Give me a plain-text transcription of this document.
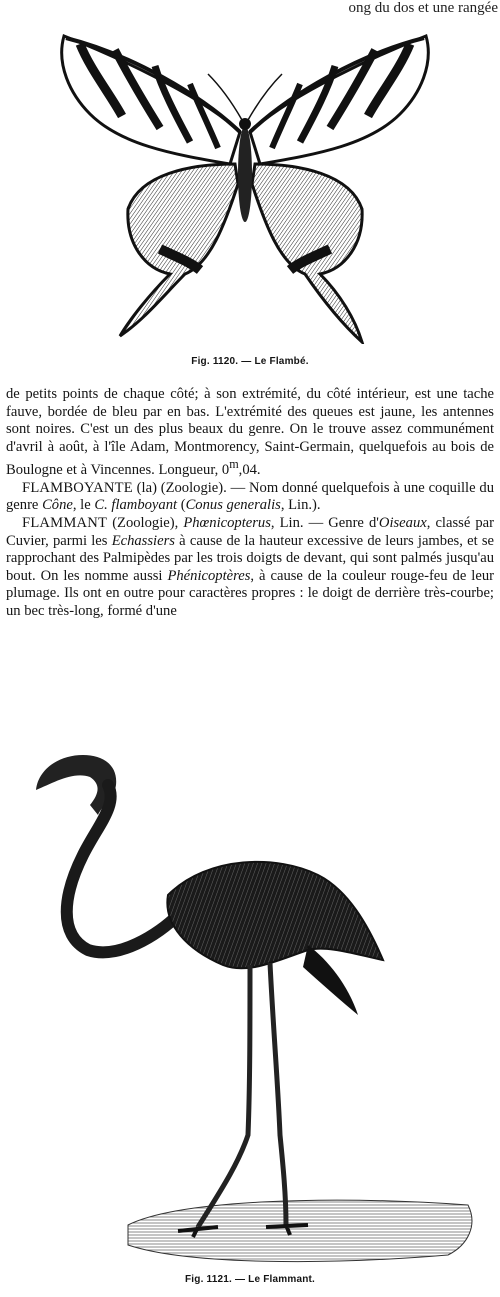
ong du dos et une rangée
Fig. 1120. — Le Flambé.

de petits points de chaque côté; à son extrémité, du côté intérieur, est une tache fauve, bordée de bleu par en bas. L'extrémité des queues est jaune, les antennes sont noires. C'est un des plus beaux du genre. On le trouve assez communément d'avril à août, à l'île Adam, Montmorency, Saint-Germain, quelquefois au bois de Boulogne et à Vincennes. Longueur, 0$^m$,04.

FLAMBOYANTE (la) (Zoologie). — Nom donné quelquefois à une coquille du genre Cône, le C. flamboyant (Conus generalis, Lin.).

FLAMMANT (Zoologie), Phœnicopterus, Lin. — Genre d'Oiseaux, classé par Cuvier, parmi les Echassiers à cause de la hauteur excessive de leurs jambes, et se rapprochant des Palmipèdes par les trois doigts de devant, qui sont palmés jusqu'au bout. On les nomme aussi Phénicoptères, à cause de la couleur rouge-feu de leur plumage. Ils ont en outre pour caractères propres : le doigt de derrière très-courbe; un bec très-long, formé d'une

Fig. 1121. — Le Flammant.
